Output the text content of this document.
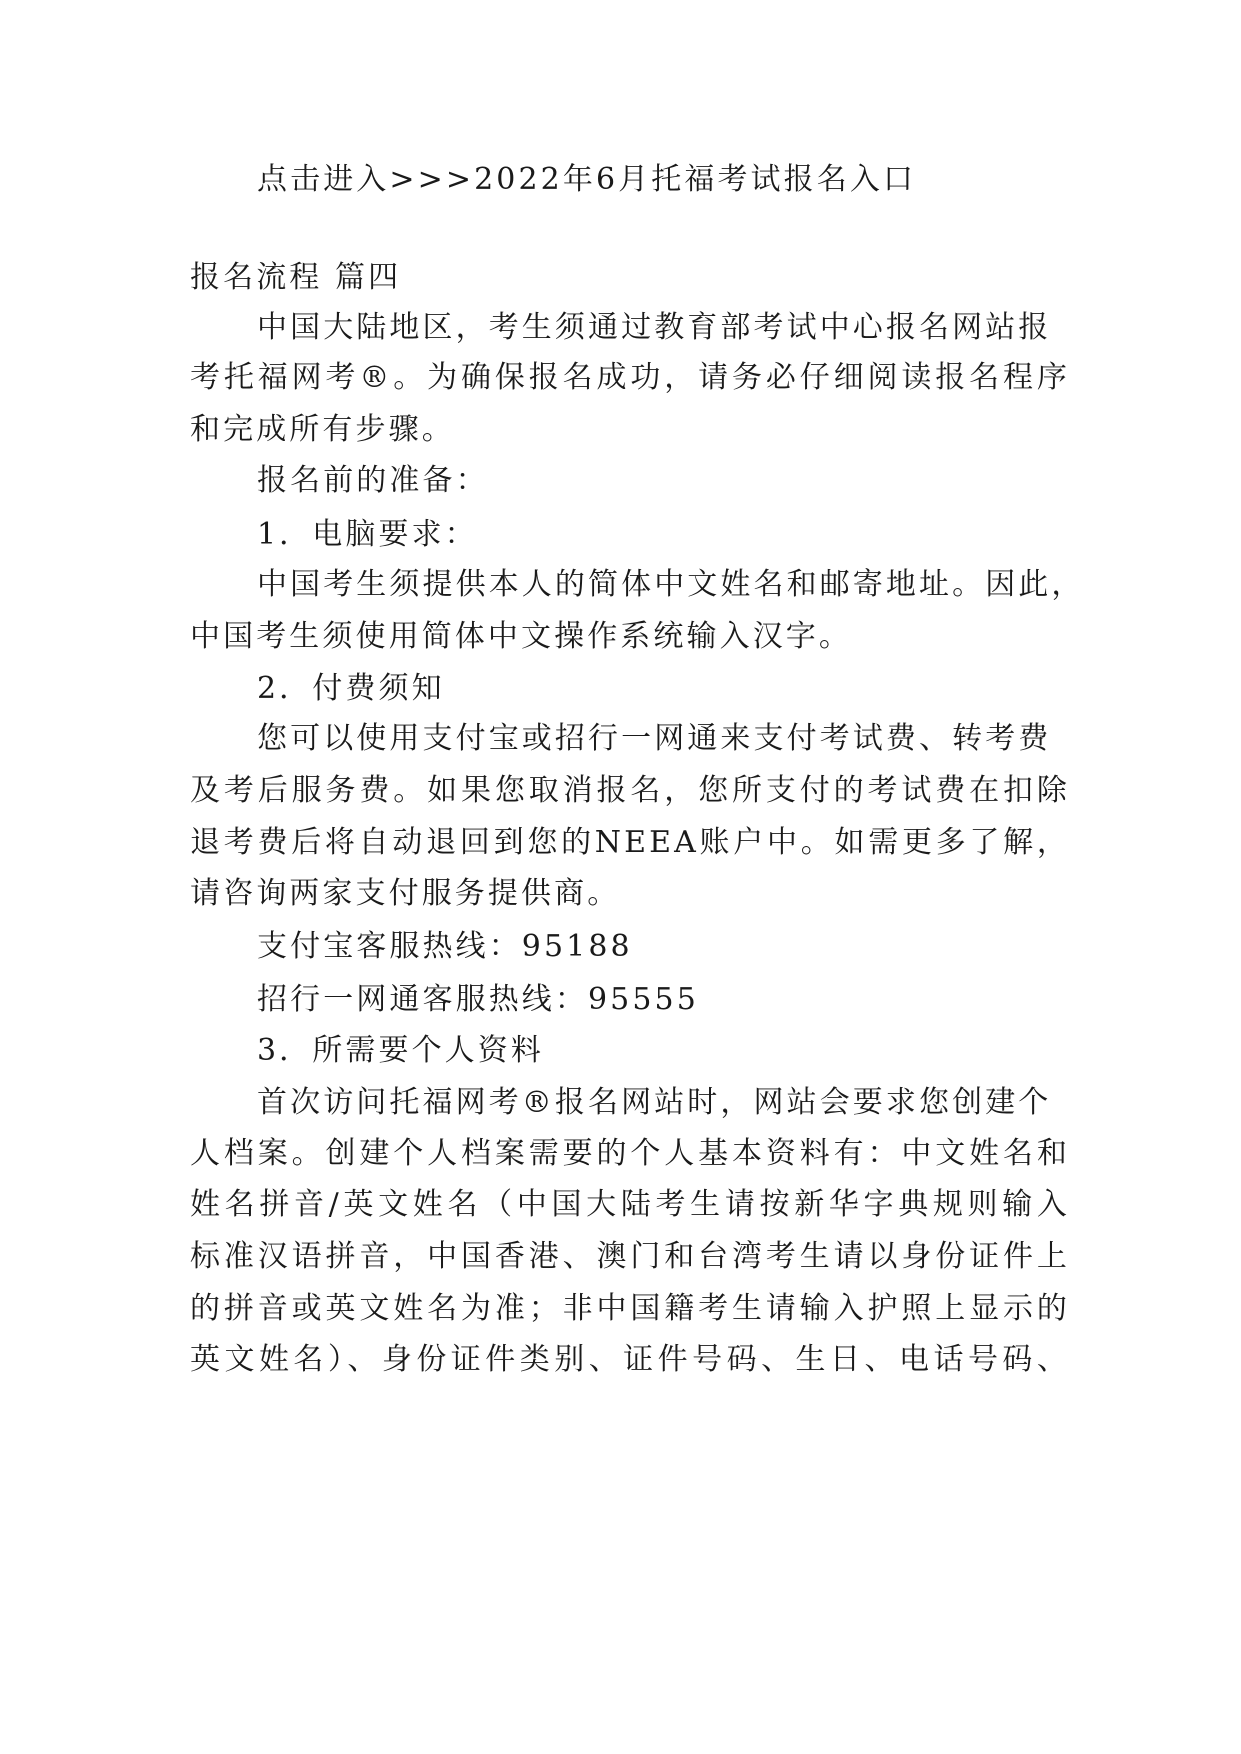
点击进入>>>2022年6月托福考试报名入口
报名流程 篇四
中国大陆地区，考生须通过教育部考试中心报名网站报
考托福网考®。为确保报名成功，请务必仔细阅读报名程序
和完成所有步骤。
报名前的准备：
1．电脑要求：
中国考生须提供本人的简体中文姓名和邮寄地址。因此，
中国考生须使用简体中文操作系统输入汉字。
2．付费须知
您可以使用支付宝或招行一网通来支付考试费、转考费
及考后服务费。如果您取消报名，您所支付的考试费在扣除
退考费后将自动退回到您的NEEA账户中。如需更多了解，
请咨询两家支付服务提供商。
支付宝客服热线：95188
招行一网通客服热线：95555
3．所需要个人资料
首次访问托福网考®报名网站时，网站会要求您创建个
人档案。创建个人档案需要的个人基本资料有：中文姓名和
姓名拼音/英文姓名（中国大陆考生请按新华字典规则输入
标准汉语拼音，中国香港、澳门和台湾考生请以身份证件上
的拼音或英文姓名为准；非中国籍考生请输入护照上显示的
英文姓名）、身份证件类别、证件号码、生日、电话号码、
